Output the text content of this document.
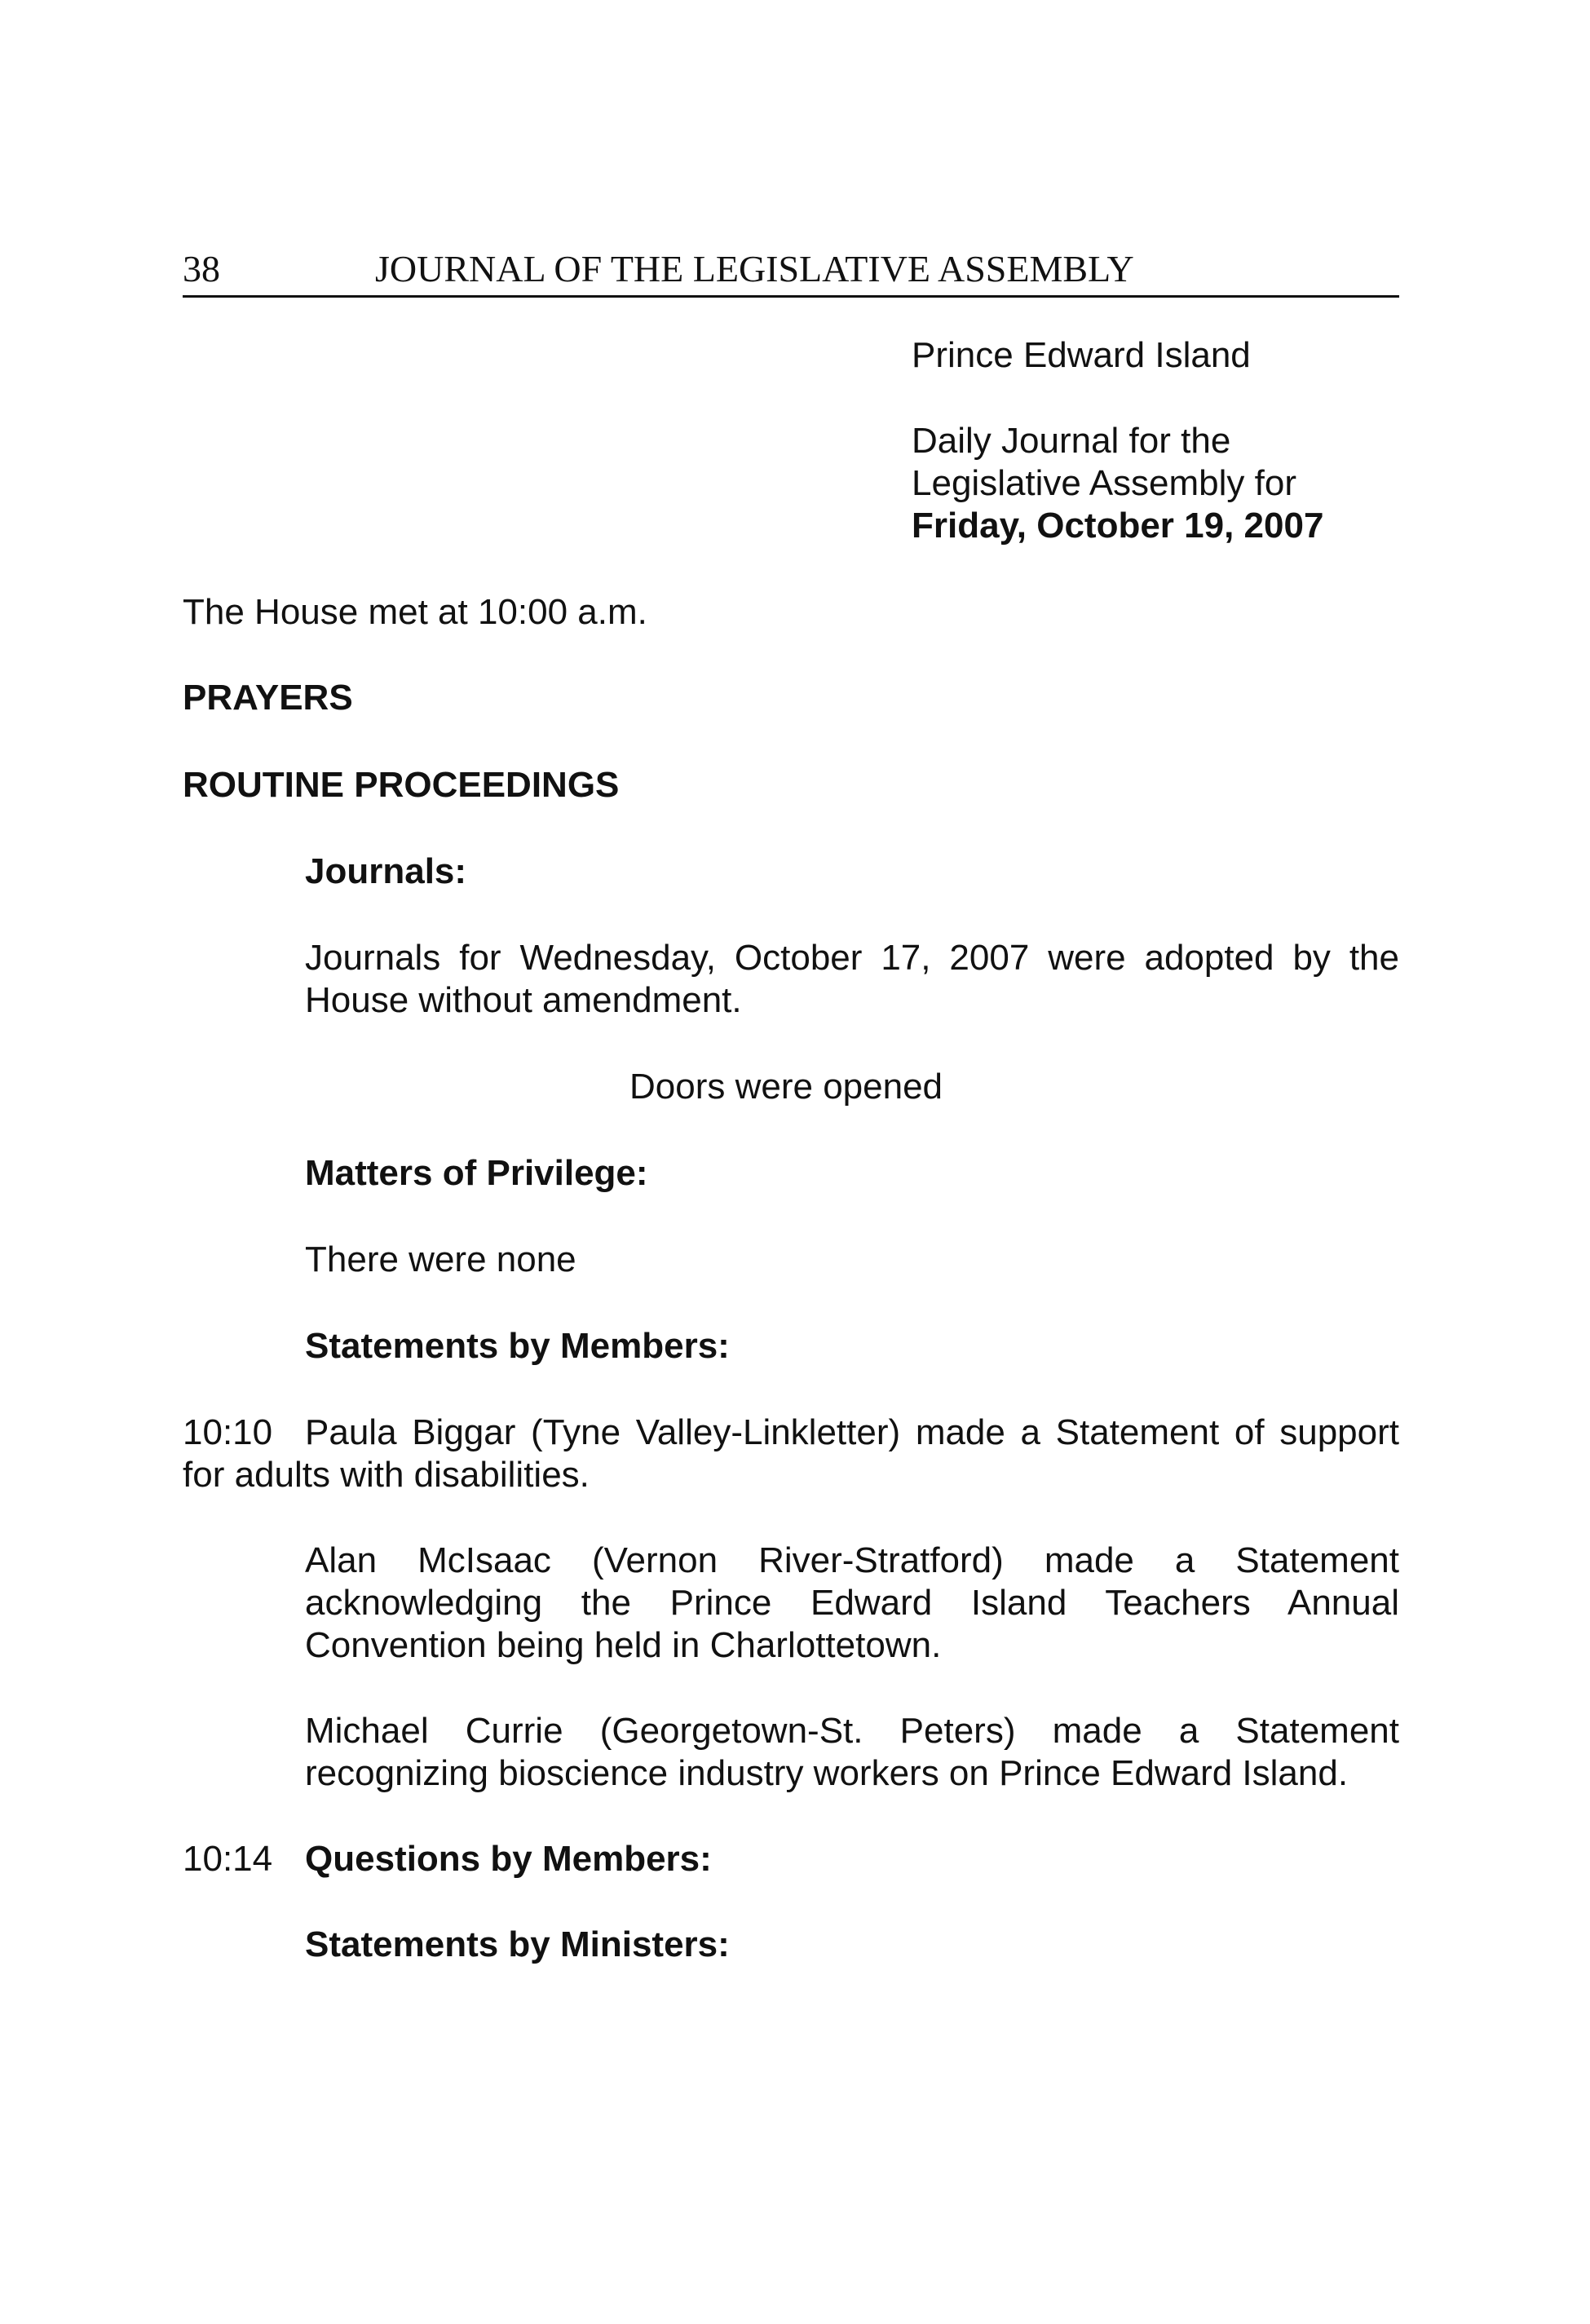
38	JOURNAL OF THE LEGISLATIVE ASSEMBLY
Prince Edward Island
Daily Journal for the
Legislative Assembly for
Friday, October 19, 2007
The House met at 10:00 a.m.
PRAYERS
ROUTINE PROCEEDINGS
Journals:
Journals for Wednesday, October 17, 2007 were adopted by the
House without amendment.
Doors were opened
Matters of Privilege:
There were none
Statements by Members:
10:10 Paula Biggar (Tyne Valley-Linkletter) made a Statement of support
for adults with disabilities.
Alan McIsaac (Vernon River-Stratford) made a Statement
acknowledging the Prince Edward Island Teachers Annual
Convention being held in Charlottetown.
Michael Currie (Georgetown-St. Peters) made a Statement
recognizing bioscience industry workers on Prince Edward Island.
10:14 Questions by Members:
Statements by Ministers:
